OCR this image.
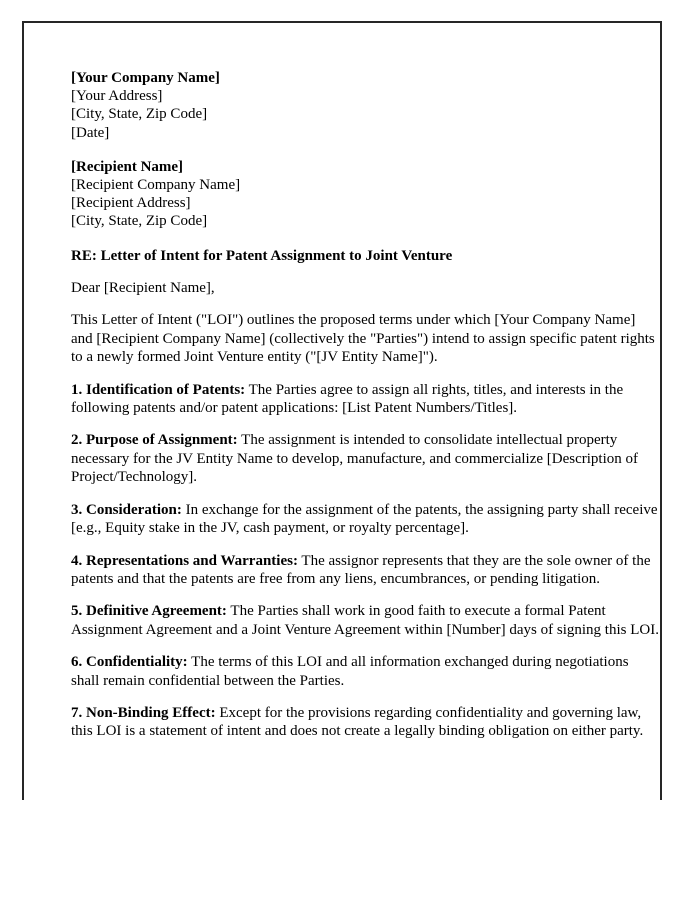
[Your Company Name]
[Your Address]
[City, State, Zip Code]
[Date]
[Recipient Name]
[Recipient Company Name]
[Recipient Address]
[City, State, Zip Code]

RE: Letter of Intent for Patent Assignment to Joint Venture

Dear [Recipient Name],

This Letter of Intent ("LOI") outlines the proposed terms under which [Your Company Name] and [Recipient Company Name] (collectively the "Parties") intend to assign specific patent rights to a newly formed Joint Venture entity ("[JV Entity Name]").

1. Identification of Patents: The Parties agree to assign all rights, titles, and interests in the following patents and/or patent applications: [List Patent Numbers/Titles].

2. Purpose of Assignment: The assignment is intended to consolidate intellectual property necessary for the JV Entity Name to develop, manufacture, and commercialize [Description of Project/Technology].

3. Consideration: In exchange for the assignment of the patents, the assigning party shall receive [e.g., Equity stake in the JV, cash payment, or royalty percentage].

4. Representations and Warranties: The assignor represents that they are the sole owner of the patents and that the patents are free from any liens, encumbrances, or pending litigation.

5. Definitive Agreement: The Parties shall work in good faith to execute a formal Patent Assignment Agreement and a Joint Venture Agreement within [Number] days of signing this LOI.

6. Confidentiality: The terms of this LOI and all information exchanged during negotiations shall remain confidential between the Parties.

7. Non-Binding Effect: Except for the provisions regarding confidentiality and governing law, this LOI is a statement of intent and does not create a legally binding obligation on either party.
